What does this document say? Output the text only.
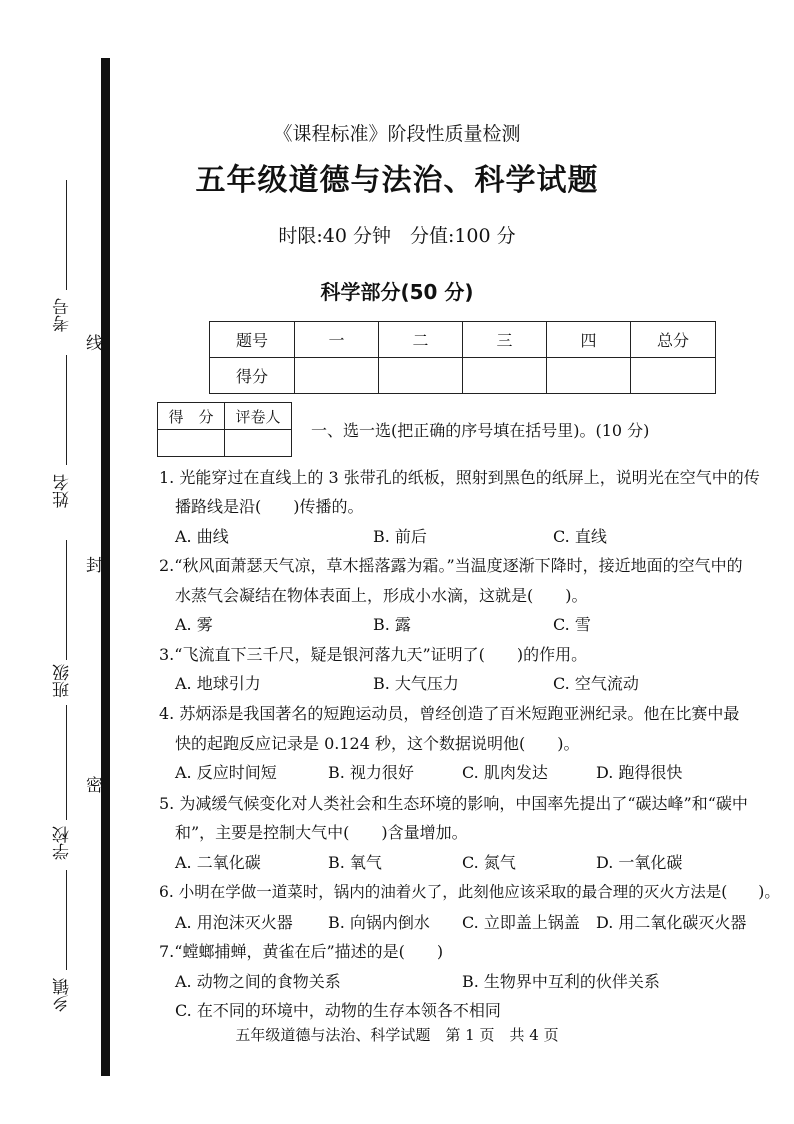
考号
线
姓名
封
班级
学校
密
乡镇
《课程标准》阶段性质量检测
五年级道德与法治、科学试题
时限:40 分钟　分值:100 分
科学部分(50 分)
题号	一	二	三	四	总分
得分					
得　分	评卷人

一、选一选(把正确的序号填在括号里)。(10 分)
1. 光能穿过在直线上的 3 张带孔的纸板，照射到黑色的纸屏上，说明光在空气中的传
播路线是沿(　　)传播的。
A. 曲线	B. 前后	C. 直线
2.“秋风面萧瑟天气凉，草木摇落露为霜。”当温度逐渐下降时，接近地面的空气中的
水蒸气会凝结在物体表面上，形成小水滴，这就是(　　)。
A. 雾	B. 露	C. 雪
3.“飞流直下三千尺，疑是银河落九天”证明了(　　)的作用。
A. 地球引力	B. 大气压力	C. 空气流动
4. 苏炳添是我国著名的短跑运动员，曾经创造了百米短跑亚洲纪录。他在比赛中最
快的起跑反应记录是 0.124 秒，这个数据说明他(　　)。
A. 反应时间短	B. 视力很好	C. 肌肉发达	D. 跑得很快
5. 为减缓气候变化对人类社会和生态环境的影响，中国率先提出了“碳达峰”和“碳中
和”，主要是控制大气中(　　)含量增加。
A. 二氧化碳	B. 氧气	C. 氮气	D. 一氧化碳
6. 小明在学做一道菜时，锅内的油着火了，此刻他应该采取的最合理的灭火方法是(　　)。
A. 用泡沫灭火器 B. 向锅内倒水 C. 立即盖上锅盖 D. 用二氧化碳灭火器
7.“螳螂捕蝉，黄雀在后”描述的是(　　)
A. 动物之间的食物关系	B. 生物界中互利的伙伴关系
C. 在不同的环境中，动物的生存本领各不相同
五年级道德与法治、科学试题　第 1 页　共 4 页
